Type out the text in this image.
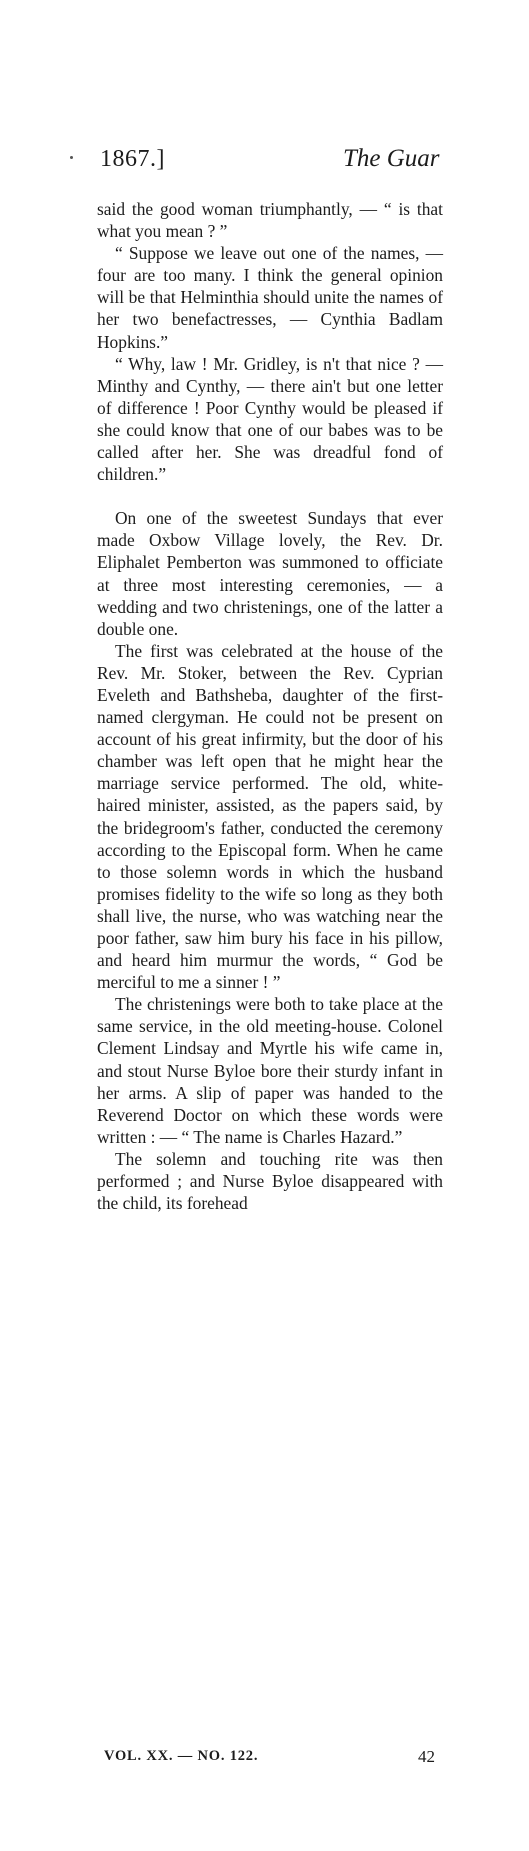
1867.]	The Guar

said the good woman triumphantly, — “ is that what you mean ? ”

“ Suppose we leave out one of the names, — four are too many. I think the general opinion will be that Helminthia should unite the names of her two benefactresses, — Cynthia Badlam Hopkins.”

“ Why, law ! Mr. Gridley, is n't that nice ? — Minthy and Cynthy, — there ain't but one letter of difference ! Poor Cynthy would be pleased if she could know that one of our babes was to be called after her. She was dreadful fond of children.”

On one of the sweetest Sundays that ever made Oxbow Village lovely, the Rev. Dr. Eliphalet Pemberton was summoned to officiate at three most interesting ceremonies, — a wedding and two christenings, one of the latter a double one.

The first was celebrated at the house of the Rev. Mr. Stoker, between the Rev. Cyprian Eveleth and Bathsheba, daughter of the first-named clergyman. He could not be present on account of his great infirmity, but the door of his chamber was left open that he might hear the marriage service performed. The old, white-haired minister, assisted, as the papers said, by the bridegroom's father, conducted the ceremony according to the Episcopal form. When he came to those solemn words in which the husband promises fidelity to the wife so long as they both shall live, the nurse, who was watching near the poor father, saw him bury his face in his pillow, and heard him murmur the words, “ God be merciful to me a sinner ! ”

The christenings were both to take place at the same service, in the old meeting-house. Colonel Clement Lindsay and Myrtle his wife came in, and stout Nurse Byloe bore their sturdy infant in her arms. A slip of paper was handed to the Reverend Doctor on which these words were written : — “ The name is Charles Hazard.”

The solemn and touching rite was then performed ; and Nurse Byloe disappeared with the child, its forehead

VOL. XX. — NO. 122.	42
